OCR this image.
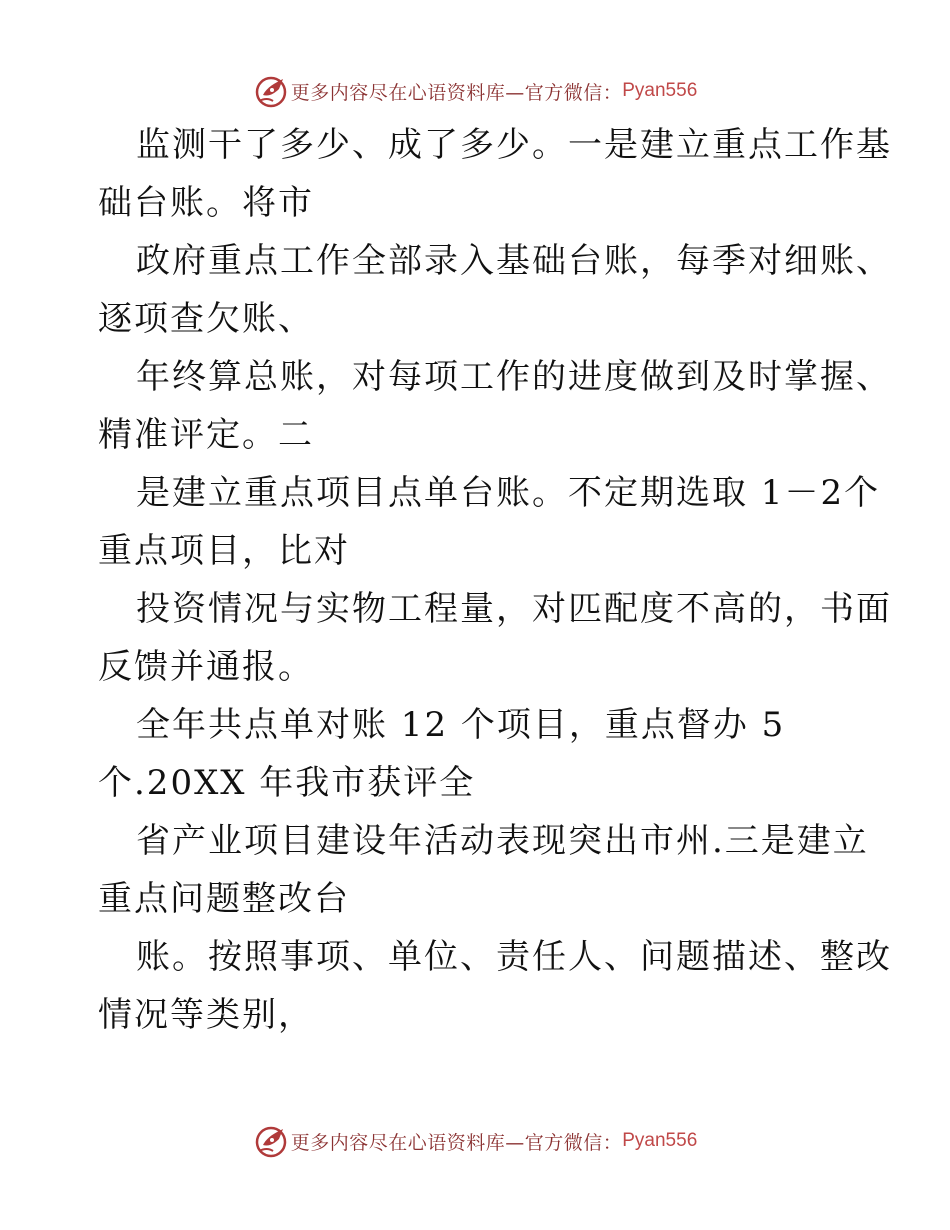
更多内容尽在心语资料库—官方微信： Pyan556
监测干了多少、成了多少。一是建立重点工作基
础台账。将市
政府重点工作全部录入基础台账，每季对细账、
逐项查欠账、
年终算总账，对每项工作的进度做到及时掌握、
精准评定。二
是建立重点项目点单台账。不定期选取 1－2个
重点项目，比对
投资情况与实物工程量，对匹配度不高的，书面
反馈并通报。
全年共点单对账 12 个项目，重点督办 5
个.20XX 年我市获评全
省产业项目建设年活动表现突出市州.三是建立
重点问题整改台
账。按照事项、单位、责任人、问题描述、整改
情况等类别，
更多内容尽在心语资料库—官方微信： Pyan556
